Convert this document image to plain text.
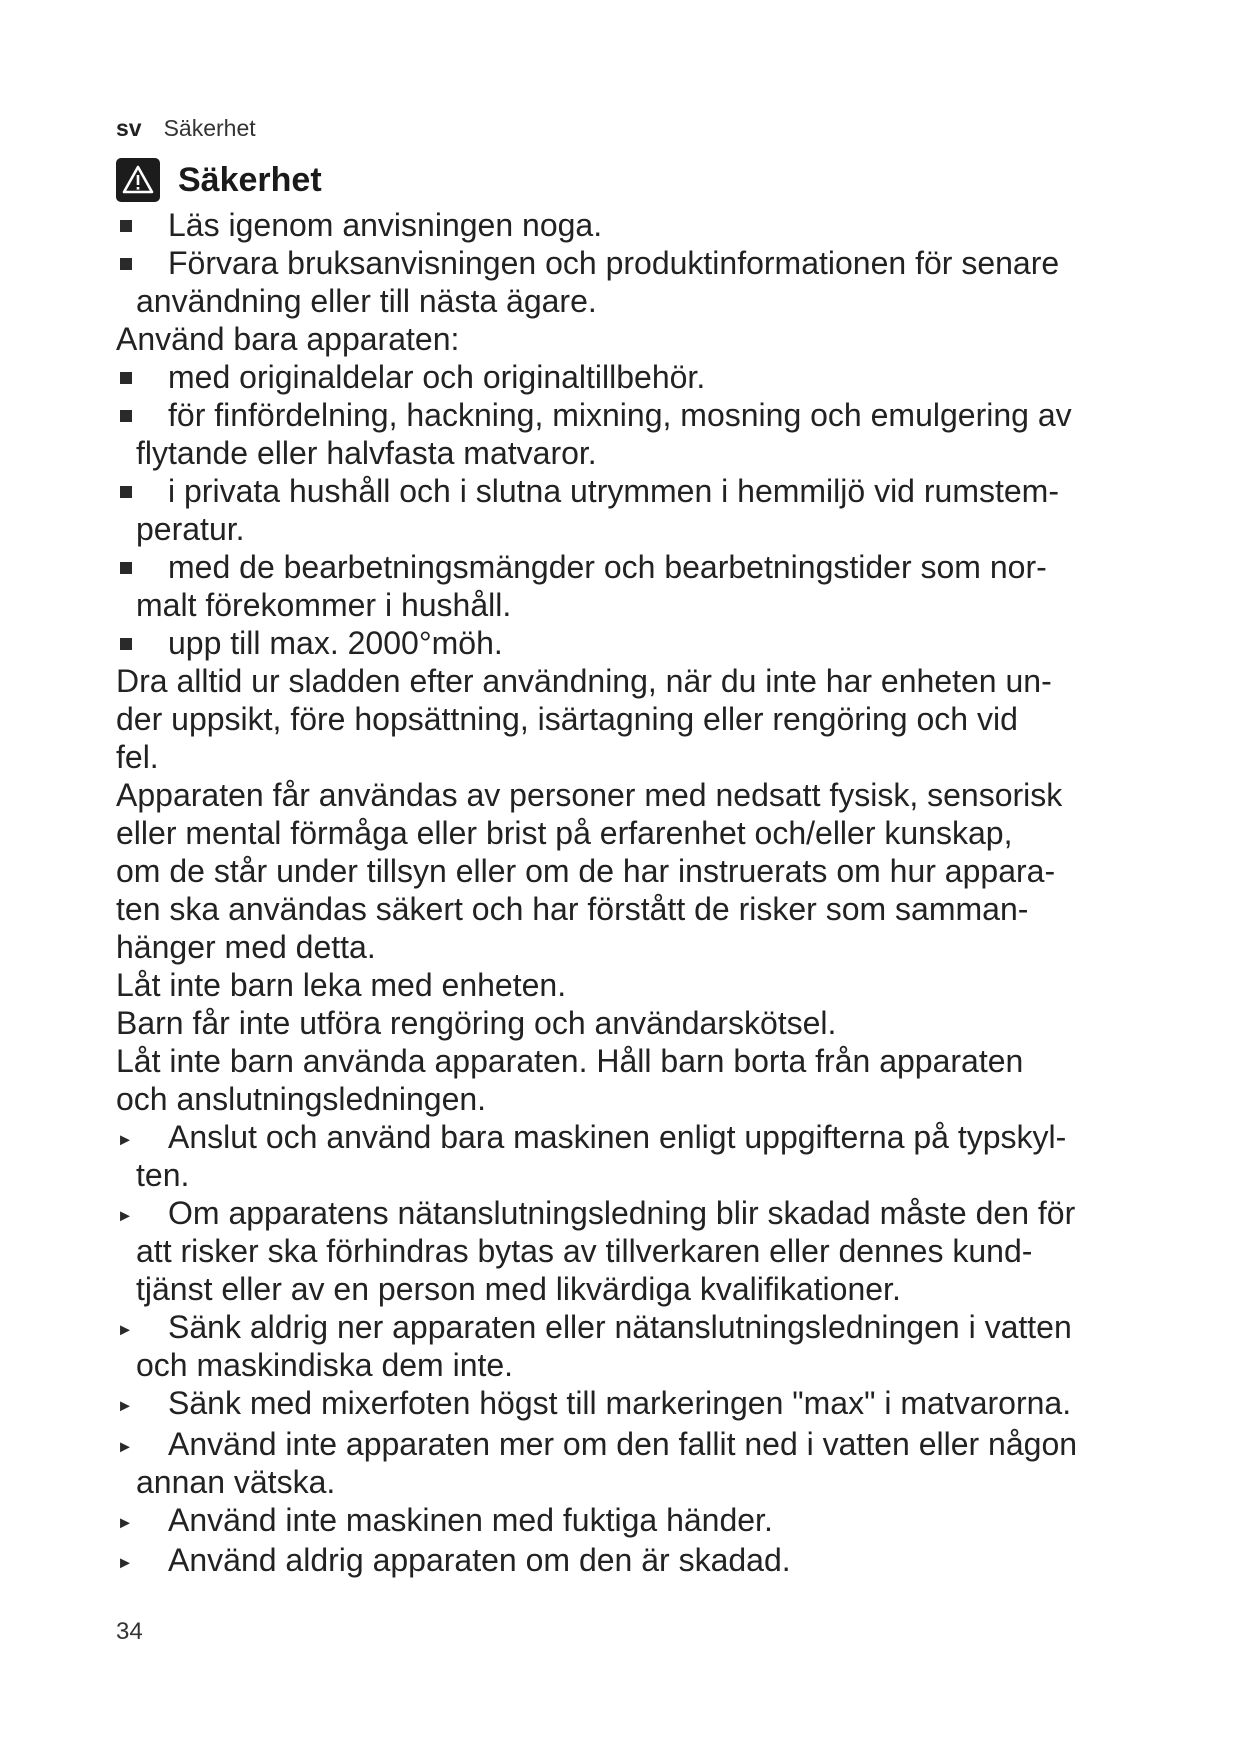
sv Säkerhet
Säkerhet
Läs igenom anvisningen noga.
Förvara bruksanvisningen och produktinformationen för senare
användning eller till nästa ägare.

Använd bara apparaten:

med originaldelar och originaltillbehör.
för finfördelning, hackning, mixning, mosning och emulgering av
flytande eller halvfasta matvaror.
i privata hushåll och i slutna utrymmen i hemmiljö vid rumstem-
peratur.
med de bearbetningsmängder och bearbetningstider som nor-
malt förekommer i hushåll.
upp till max. 2000°möh.

Dra alltid ur sladden efter användning, när du inte har enheten un-
der uppsikt, före hopsättning, isärtagning eller rengöring och vid
fel.

Apparaten får användas av personer med nedsatt fysisk, sensorisk
eller mental förmåga eller brist på erfarenhet och/eller kunskap,
om de står under tillsyn eller om de har instruerats om hur appara-
ten ska användas säkert och har förstått de risker som samman-
hänger med detta.

Låt inte barn leka med enheten.

Barn får inte utföra rengöring och användarskötsel.

Låt inte barn använda apparaten. Håll barn borta från apparaten
och anslutningsledningen.

▸	Anslut och använd bara maskinen enligt uppgifterna på typskyl-
ten.
▸	Om apparatens nätanslutningsledning blir skadad måste den för
att risker ska förhindras bytas av tillverkaren eller dennes kund-
tjänst eller av en person med likvärdiga kvalifikationer.
▸	Sänk aldrig ner apparaten eller nätanslutningsledningen i vatten
och maskindiska dem inte.
▸	Sänk med mixerfoten högst till markeringen "max" i matvarorna.
▸	Använd inte apparaten mer om den fallit ned i vatten eller någon
annan vätska.
▸	Använd inte maskinen med fuktiga händer.
▸	Använd aldrig apparaten om den är skadad.
34
